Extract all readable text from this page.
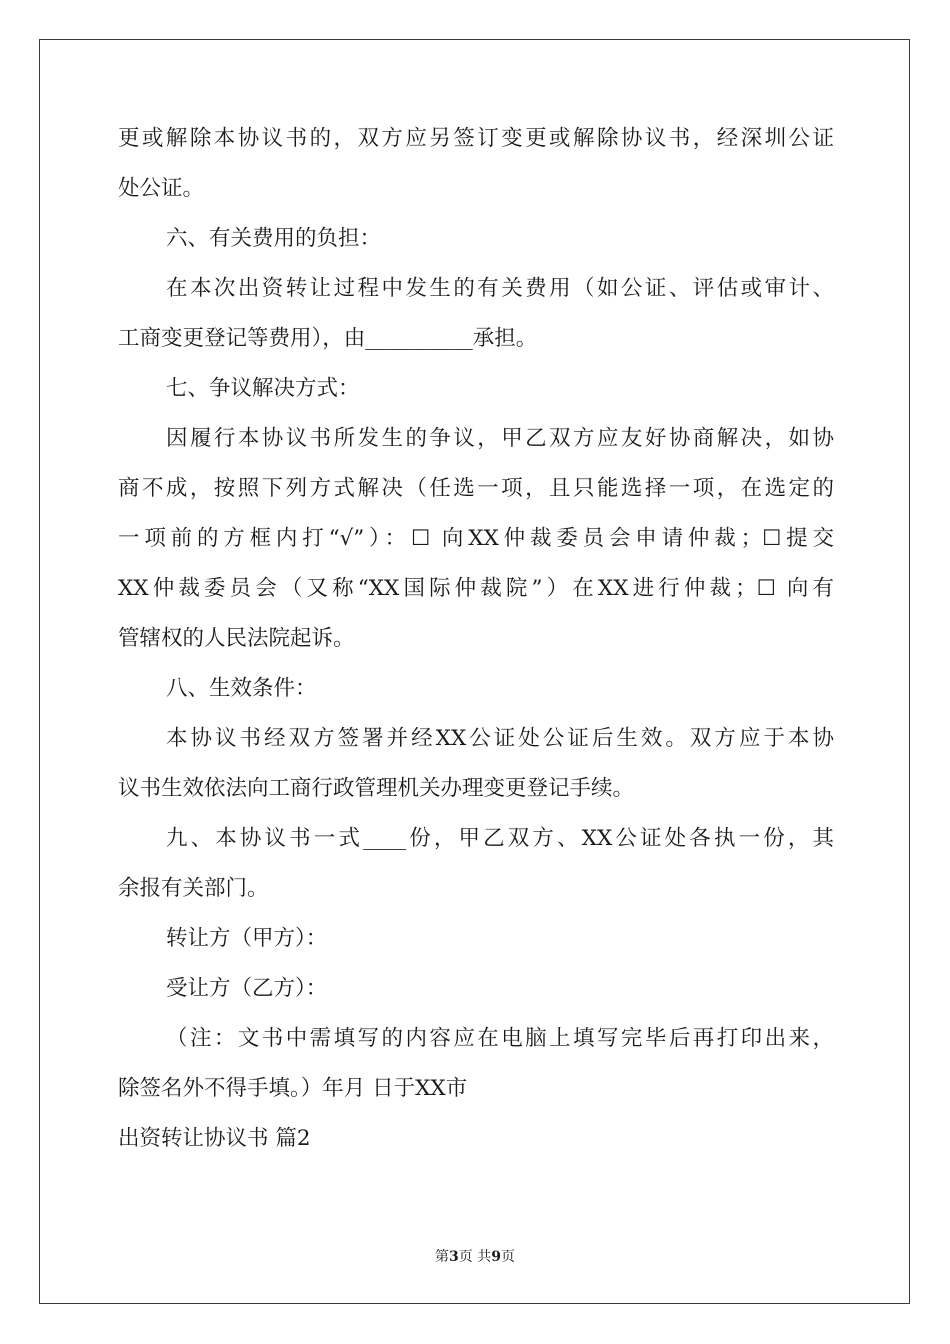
更或解除本协议书的，双方应另签订变更或解除协议书，经深圳公证
处公证。
六、有关费用的负担：
在本次出资转让过程中发生的有关费用（如公证、评估或审计、
工商变更登记等费用），由__________承担。
七、争议解决方式：
因履行本协议书所发生的争议，甲乙双方应友好协商解决，如协
商不成，按照下列方式解决（任选一项，且只能选择一项，在选定的
一项前的方框内打“√”）：☐ 向XX仲裁委员会申请仲裁；☐提交
XX仲裁委员会（又称“XX国际仲裁院”）在XX进行仲裁；☐ 向有
管辖权的人民法院起诉。
八、生效条件：
本协议书经双方签署并经XX公证处公证后生效。双方应于本协
议书生效依法向工商行政管理机关办理变更登记手续。
九、本协议书一式____份，甲乙双方、XX公证处各执一份，其
余报有关部门。
转让方（甲方）：
受让方（乙方）：
（注：文书中需填写的内容应在电脑上填写完毕后再打印出来，
除签名外不得手填。）年月 日于XX市
出资转让协议书 篇2
第3页 共9页
